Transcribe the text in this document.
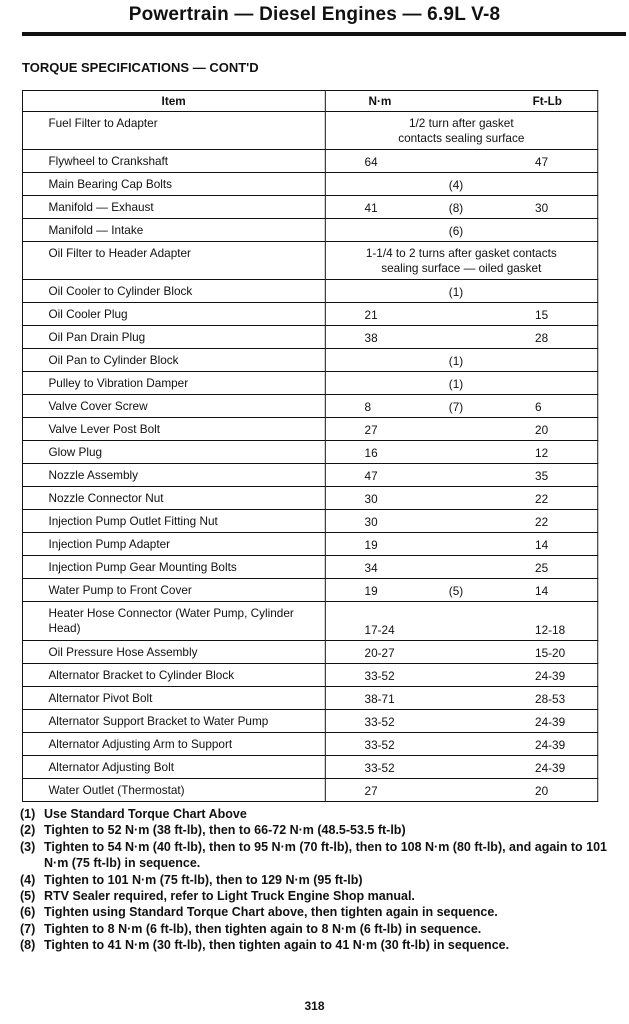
Powertrain — Diesel Engines — 6.9L V-8
TORQUE SPECIFICATIONS — CONT'D
Item	N·m	Ft-Lb
Fuel Filter to Adapter	1/2 turn after gasket
contacts sealing surface	
Flywheel to Crankshaft	64 47	

Main Bearing Cap Bolts	(4)	

Manifold — Exhaust	41 (8) 30	

Manifold — Intake	(6)	

Oil Filter to Header Adapter	1-1/4 to 2 turns after gasket contacts
sealing surface — oiled gasket	
Oil Cooler to Cylinder Block	(1)	

Oil Cooler Plug	21 15	

Oil Pan Drain Plug	38 28	

Oil Pan to Cylinder Block	(1)	

Pulley to Vibration Damper	(1)	

Valve Cover Screw	8 (7) 6	

Valve Lever Post Bolt	27 20	

Glow Plug	16 12	

Nozzle Assembly	47 35	

Nozzle Connector Nut	30 22	

Injection Pump Outlet Fitting Nut	30 22	

Injection Pump Adapter	19 14	

Injection Pump Gear Mounting Bolts	34 25	

Water Pump to Front Cover	19 (5) 14	

Heater Hose Connector (Water Pump, Cylinder
Head)	17-24 12-18	

Oil Pressure Hose Assembly	20-27 15-20	

Alternator Bracket to Cylinder Block	33-52 24-39	

Alternator Pivot Bolt	38-71 28-53	

Alternator Support Bracket to Water Pump	33-52 24-39	

Alternator Adjusting Arm to Support	33-52 24-39	

Alternator Adjusting Bolt	33-52 24-39	

Water Outlet (Thermostat)	27 20	
(1) Use Standard Torque Chart Above
(2) Tighten to 52 N·m (38 ft-lb), then to 66-72 N·m (48.5-53.5 ft-lb)
(3) Tighten to 54 N·m (40 ft-lb), then to 95 N·m (70 ft-lb), then to 108 N·m (80 ft-lb), and again to 101 N·m (75 ft-lb) in sequence.
(4) Tighten to 101 N·m (75 ft-lb), then to 129 N·m (95 ft-lb)
(5) RTV Sealer required, refer to Light Truck Engine Shop manual.
(6) Tighten using Standard Torque Chart above, then tighten again in sequence.
(7) Tighten to 8 N·m (6 ft-lb), then tighten again to 8 N·m (6 ft-lb) in sequence.
(8) Tighten to 41 N·m (30 ft-lb), then tighten again to 41 N·m (30 ft-lb) in sequence.
318
